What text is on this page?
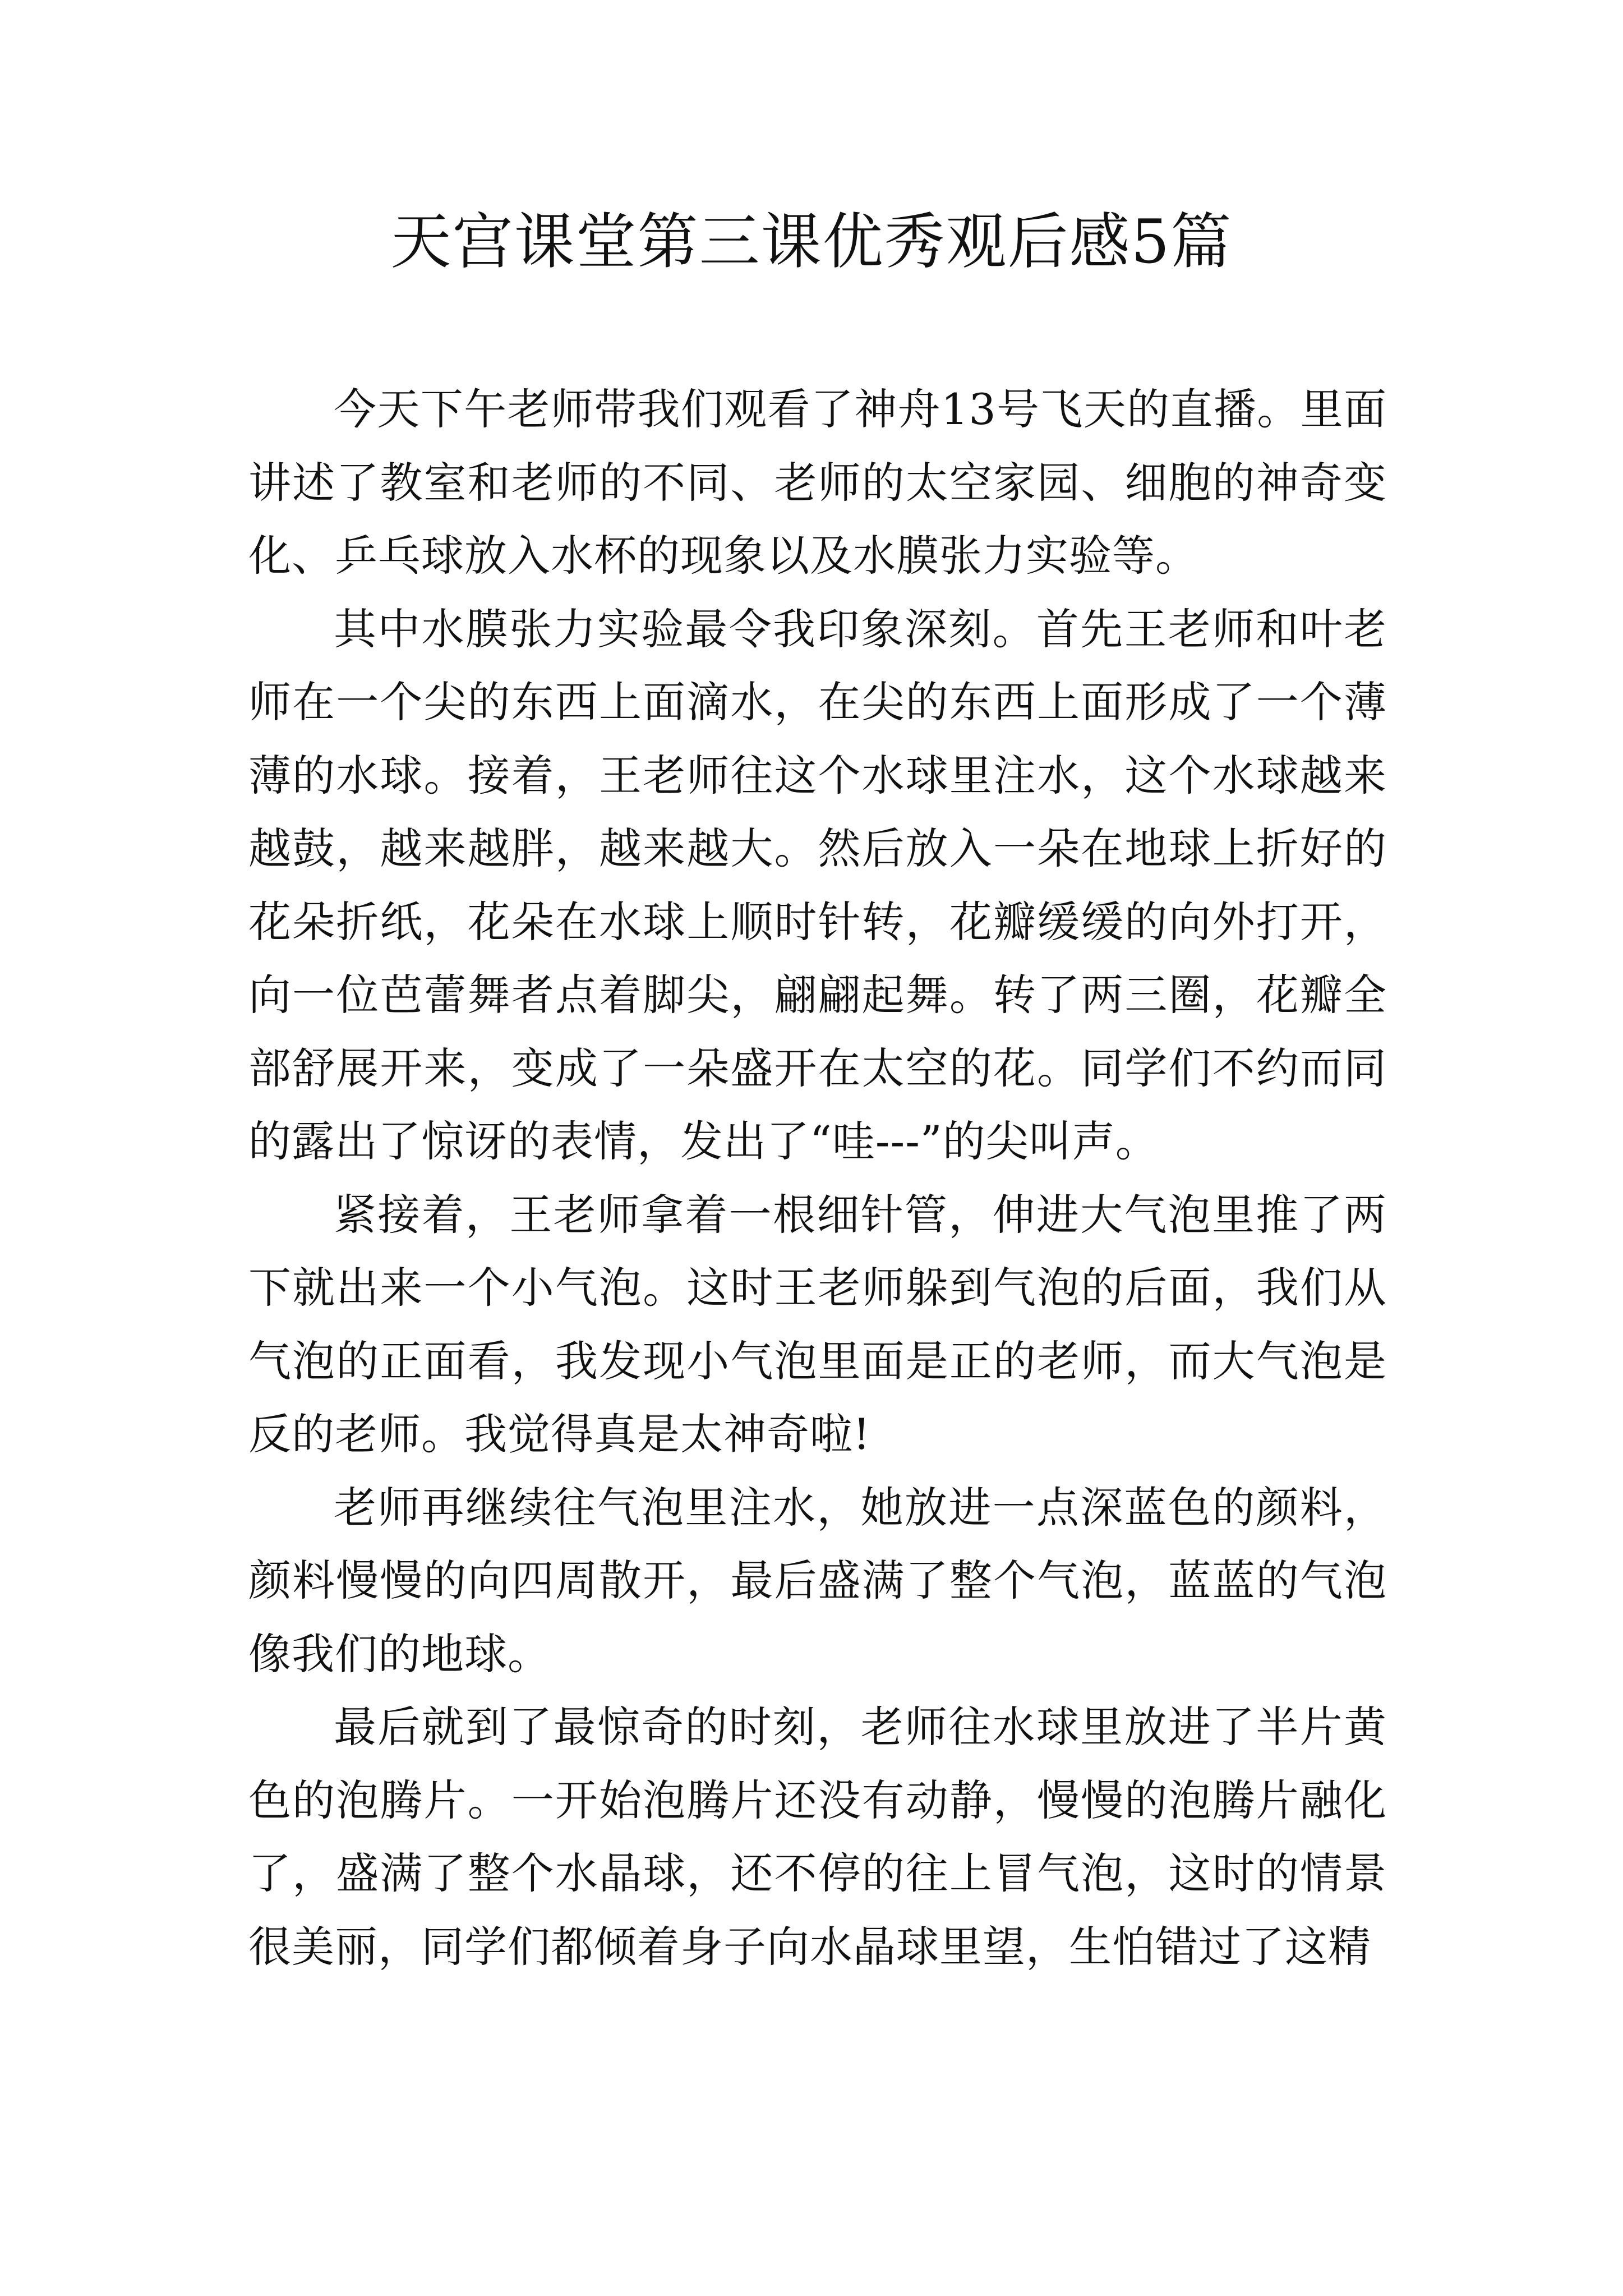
天宫课堂第三课优秀观后感5篇

今天下午老师带我们观看了神舟13号飞天的直播。里面讲述了教室和老师的不同、老师的太空家园、细胞的神奇变化、乒乓球放入水杯的现象以及水膜张力实验等。

其中水膜张力实验最令我印象深刻。首先王老师和叶老师在一个尖的东西上面滴水，在尖的东西上面形成了一个薄薄的水球。接着，王老师往这个水球里注水，这个水球越来越鼓，越来越胖，越来越大。然后放入一朵在地球上折好的花朵折纸，花朵在水球上顺时针转，花瓣缓缓的向外打开，向一位芭蕾舞者点着脚尖，翩翩起舞。转了两三圈，花瓣全部舒展开来，变成了一朵盛开在太空的花。同学们不约而同的露出了惊讶的表情，发出了“哇---”的尖叫声。

紧接着，王老师拿着一根细针管，伸进大气泡里推了两下就出来一个小气泡。这时王老师躲到气泡的后面，我们从气泡的正面看，我发现小气泡里面是正的老师，而大气泡是反的老师。我觉得真是太神奇啦!

老师再继续往气泡里注水，她放进一点深蓝色的颜料，颜料慢慢的向四周散开，最后盛满了整个气泡，蓝蓝的气泡像我们的地球。

最后就到了最惊奇的时刻，老师往水球里放进了半片黄色的泡腾片。一开始泡腾片还没有动静，慢慢的泡腾片融化了，盛满了整个水晶球，还不停的往上冒气泡，这时的情景很美丽，同学们都倾着身子向水晶球里望，生怕错过了这精
